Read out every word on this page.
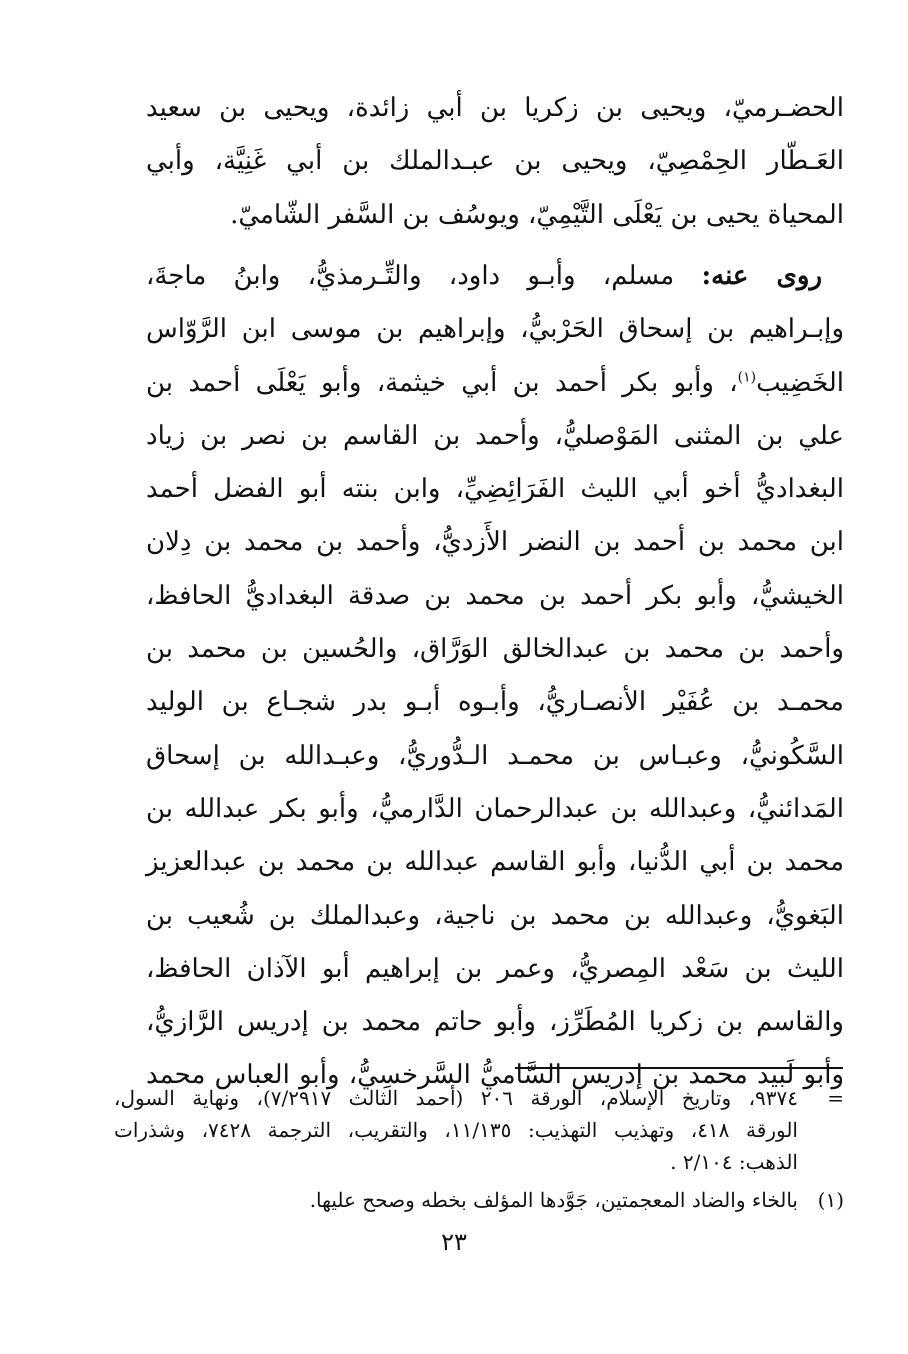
الحضـرميّ، ويحيى بن زكريا بن أبي زائدة، ويحيى بن سعيد
العَـطّار الحِمْصِيّ، ويحيى بن عبـدالملك بن أبي غَنِيَّة، وأبي
المحياة يحيى بن يَعْلَى التَّيْمِيّ، ويوسُف بن السَّفر الشّاميّ.
روى عنه: مسلم، وأبـو داود، والتِّـرمذيُّ، وابنُ ماجةَ،
وإبـراهيم بن إسحاق الحَرْبيُّ، وإبراهيم بن موسى ابن الرَّوّاس
الخَضِيب$^{(١)}$، وأبو بكر أحمد بن أبي خيثمة، وأبو يَعْلَى أحمد بن
علي بن المثنى المَوْصليُّ، وأحمد بن القاسم بن نصر بن زياد
البغداديُّ أخو أبي الليث الفَرَائِضِيِّ، وابن بنته أبو الفضل أحمد
ابن محمد بن أحمد بن النضر الأَزديُّ، وأحمد بن محمد بن دِلان
الخيشيُّ، وأبو بكر أحمد بن محمد بن صدقة البغداديُّ الحافظ،
وأحمد بن محمد بن عبدالخالق الوَرَّاق، والحُسين بن محمد بن
محمـد بن عُفَيْر الأنصـاريُّ، وأبـوه أبـو بدر شجـاع بن الوليد
السَّكُونيُّ، وعبـاس بن محمـد الـدُّوريُّ، وعبـدالله بن إسحاق
المَدائنيُّ، وعبدالله بن عبدالرحمان الدَّارميُّ، وأبو بكر عبدالله بن
محمد بن أبي الدُّنيا، وأبو القاسم عبدالله بن محمد بن عبدالعزيز
البَغويُّ، وعبدالله بن محمد بن ناجية، وعبدالملك بن شُعيب بن
الليث بن سَعْد المِصريُّ، وعمر بن إبراهيم أبو الآذان الحافظ،
والقاسم بن زكريا المُطَرِّز، وأبو حاتم محمد بن إدريس الرَّازيُّ،
وأبو لَبيد محمد بن إدريس السَّاميُّ السَّرخسِيُّ، وأبو العباس محمد
=٩٣٧٤، وتاريخ الإسلام، الورقة ٢٠٦ (أحمد الثالث ٧/٢٩١٧)، ونهاية السول،
الورقة ٤١٨، وتهذيب التهذيب: ١١/١٣٥، والتقريب، الترجمة ٧٤٢٨، وشذرات
الذهب: ٢/١٠٤ .
(١)بالخاء والضاد المعجمتين، جَوَّدها المؤلف بخطه وصحح عليها.
٢٣
